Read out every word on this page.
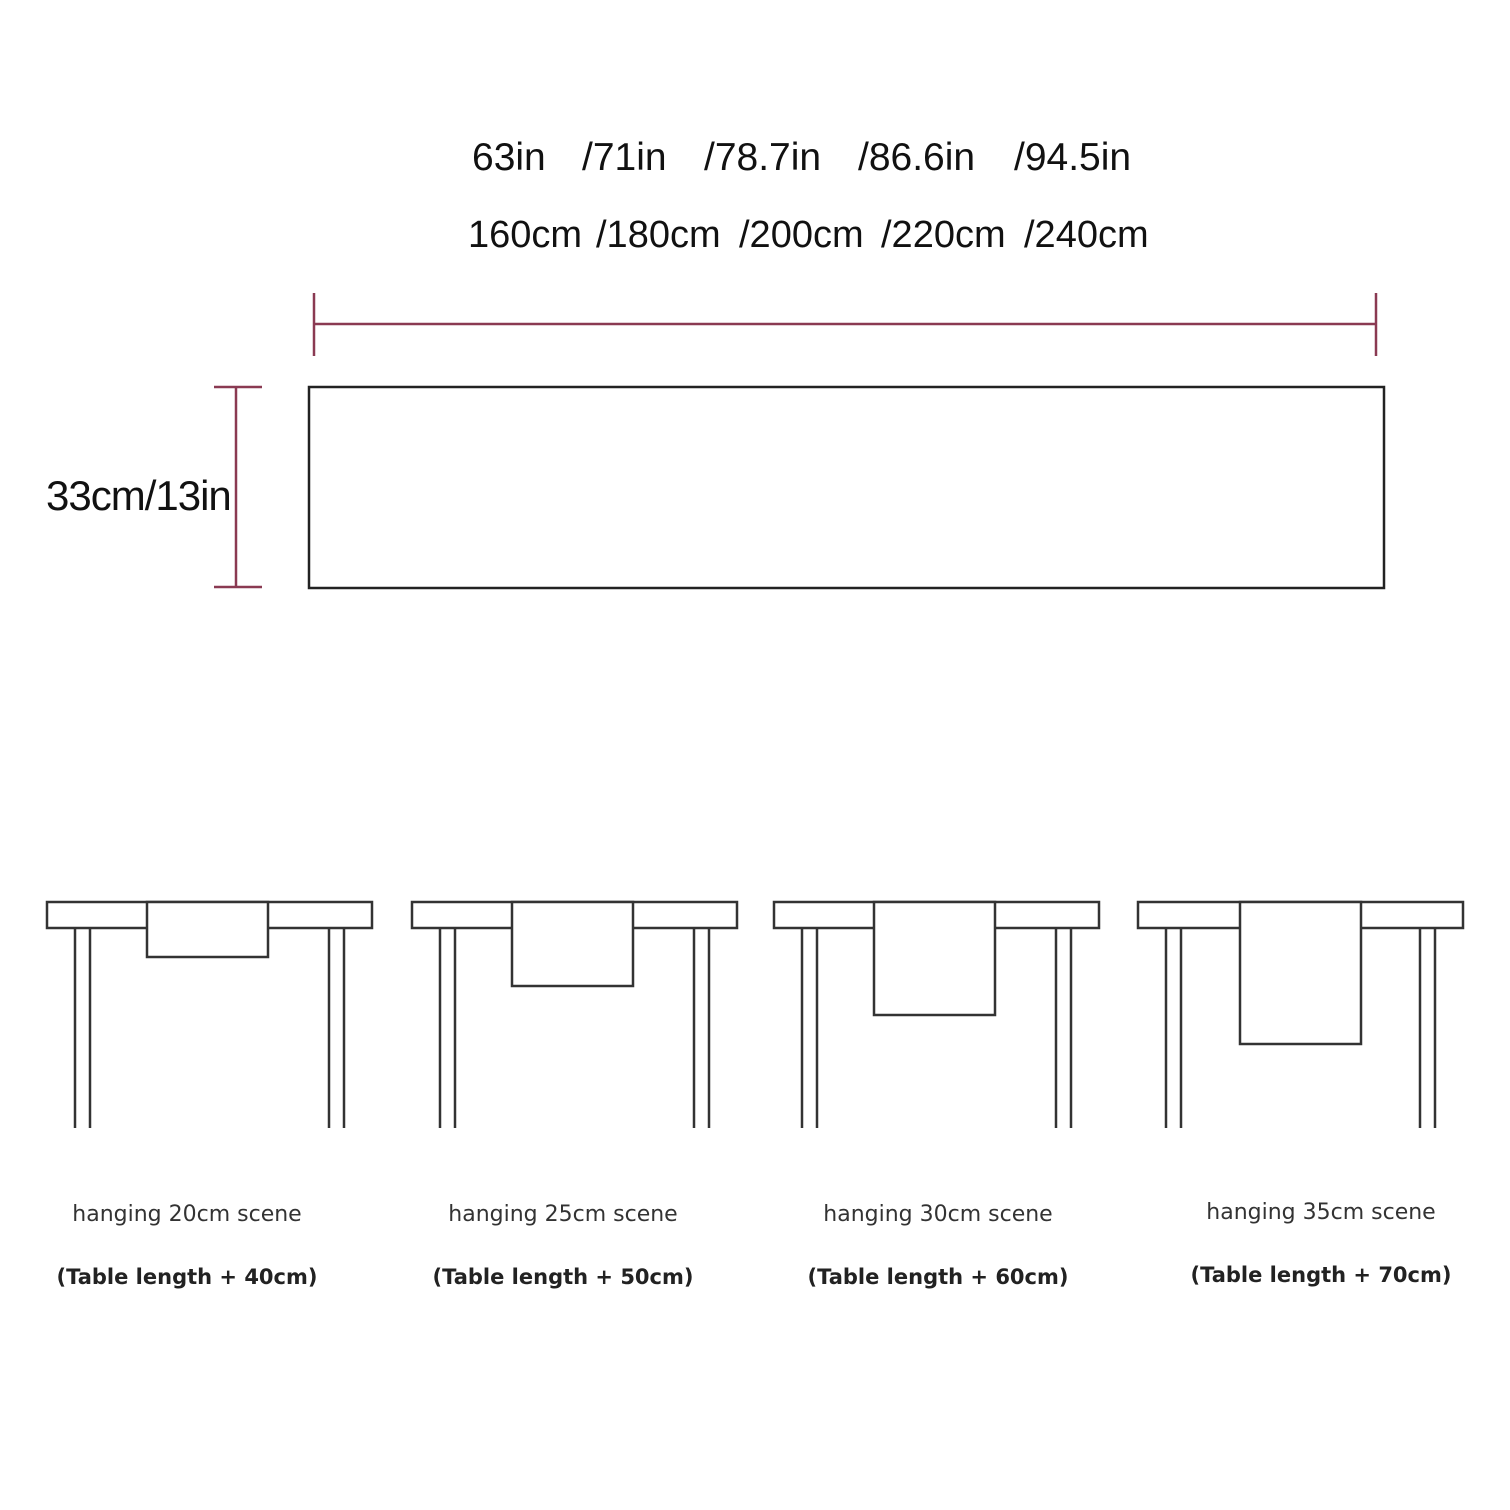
63in /71in /78.7in /86.6in /94.5in
160cm /180cm /200cm /220cm /240cm
33cm/13in
hanging 20cm scene
(Table length + 40cm)
hanging 25cm scene
(Table length + 50cm)
hanging 30cm scene
(Table length + 60cm)
hanging 35cm scene
(Table length + 70cm)
